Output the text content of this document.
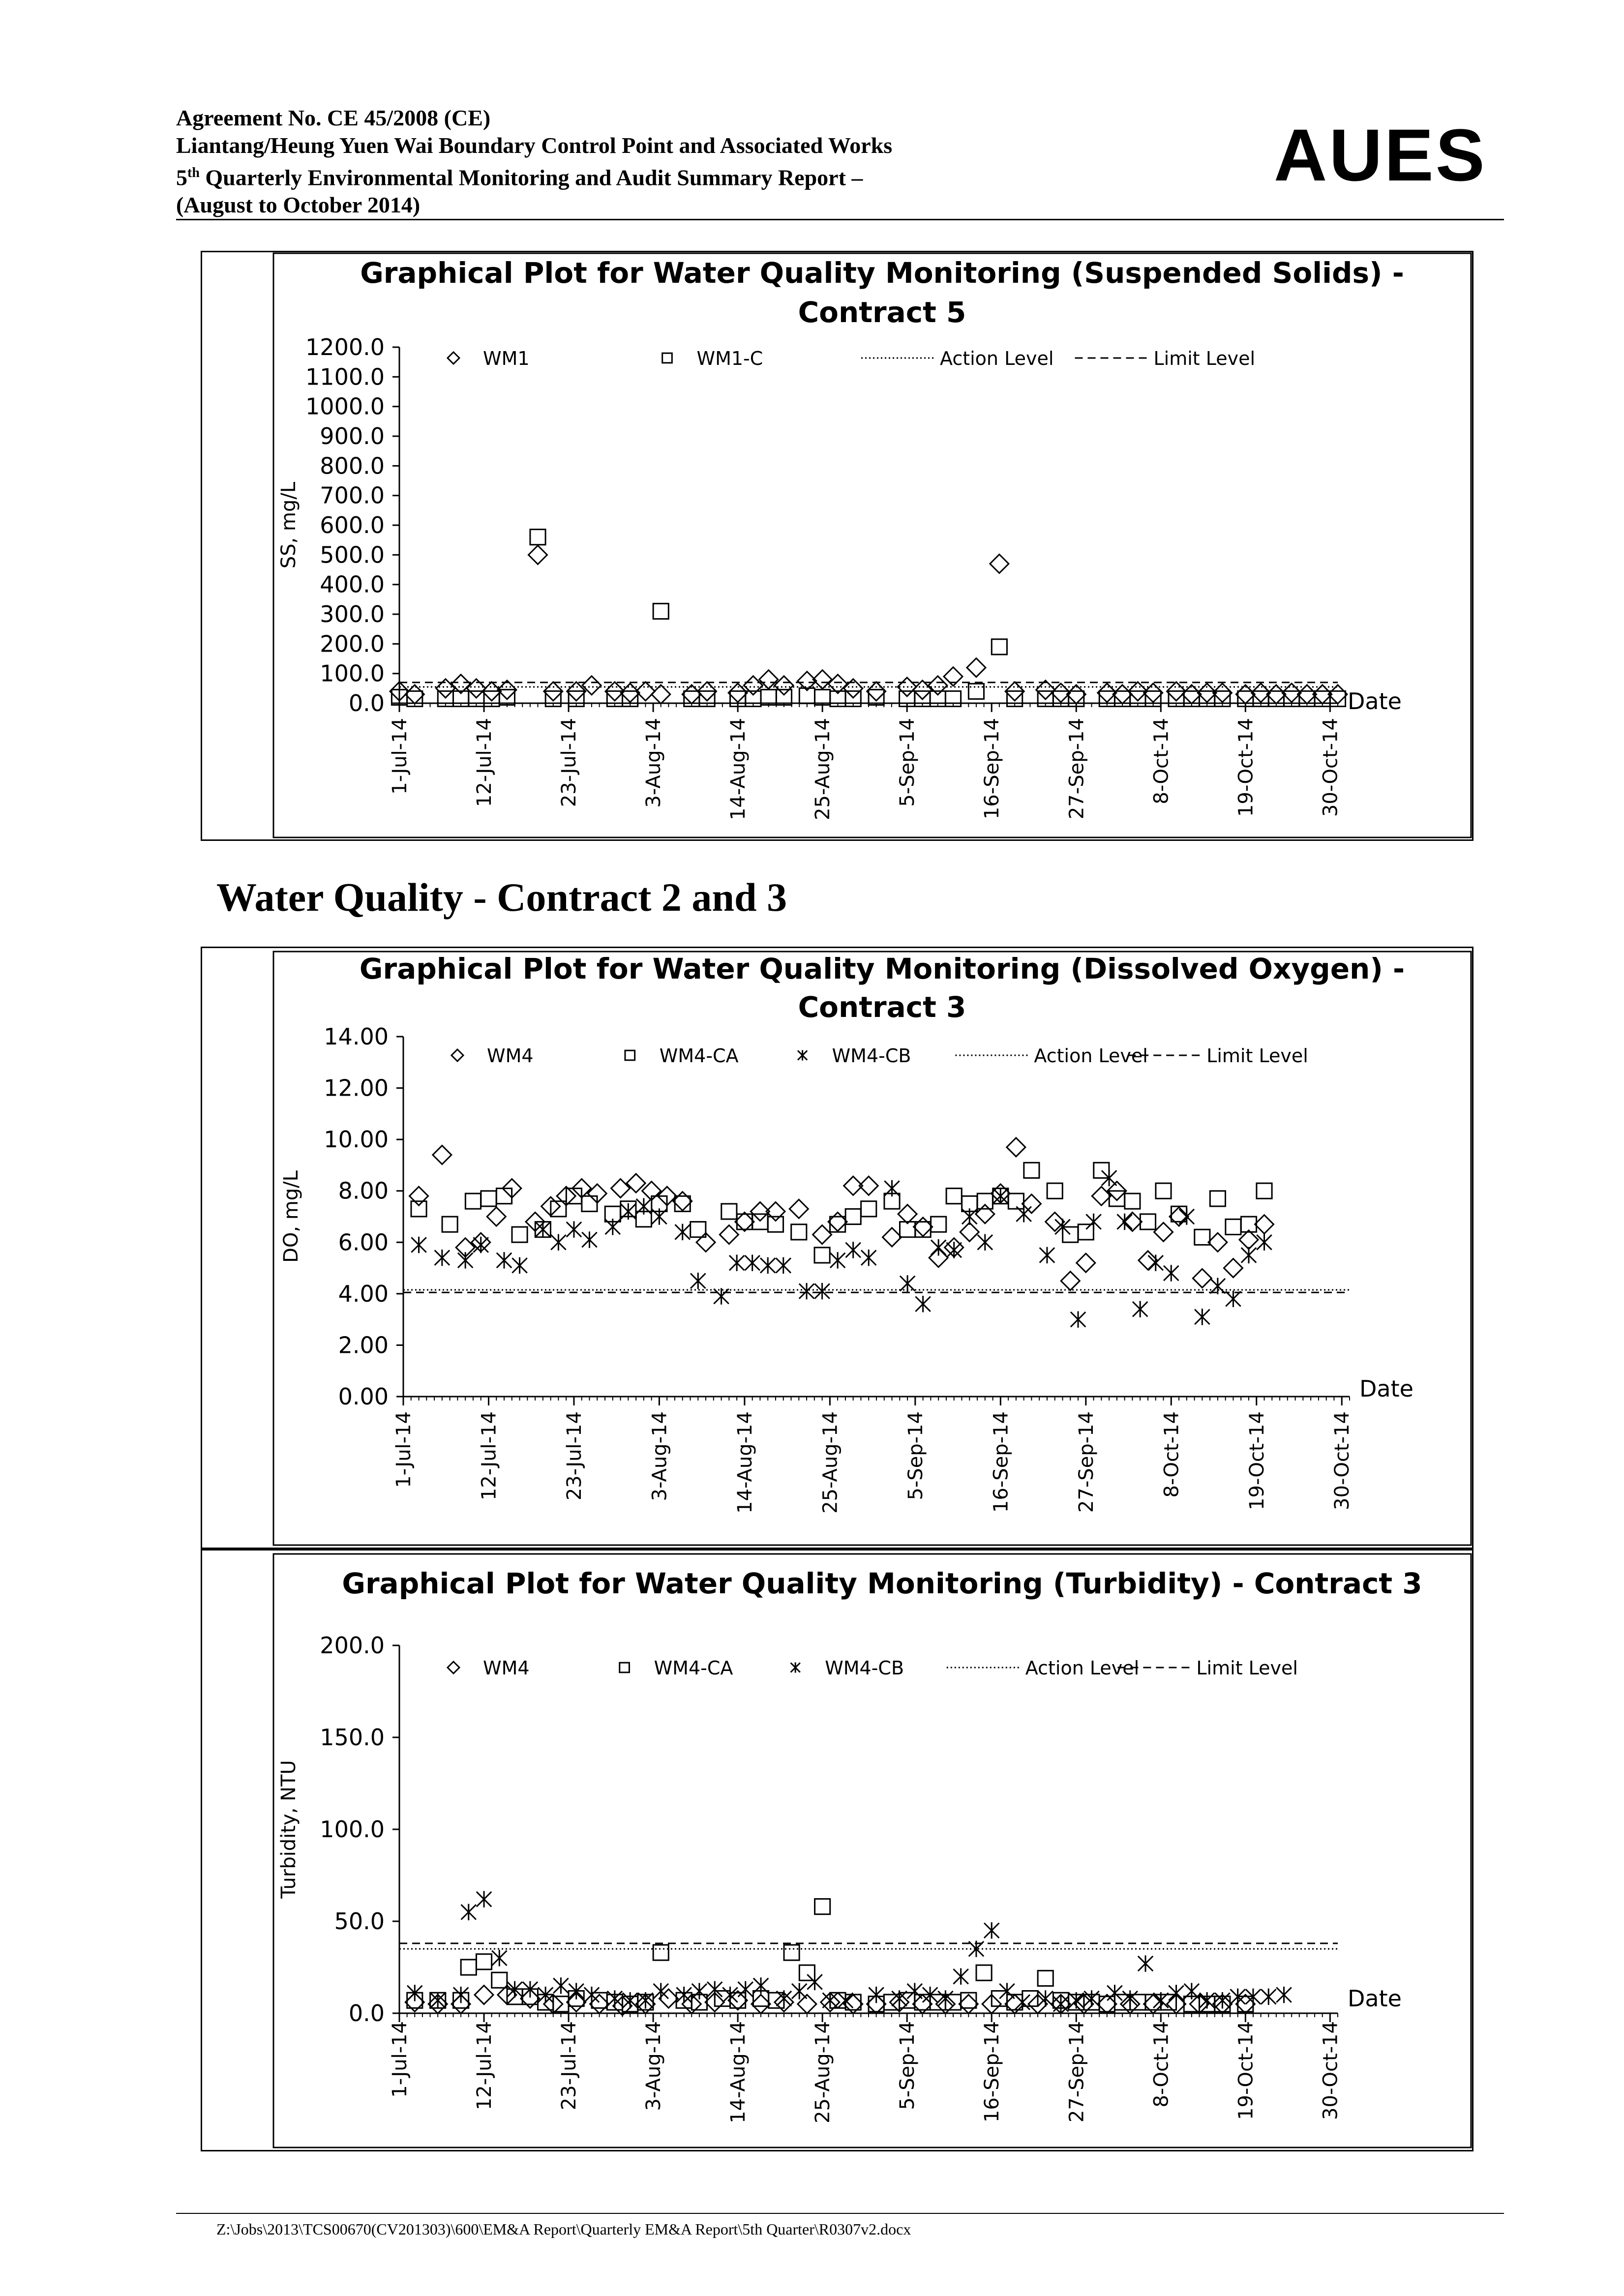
Agreement No. CE 45/2008 (CE)
Liantang/Heung Yuen Wai Boundary Control Point and Associated Works
5th Quarterly Environmental Monitoring and Audit Summary Report –
(August to October 2014)
AUES
Water Quality - Contract 2 and 3
Graphical Plot for Water Quality Monitoring (Suspended Solids) -
Contract 5
0.0
100.0
200.0
300.0
400.0
500.0
600.0
700.0
800.0
900.0
1000.0
1100.0
1200.0
SS, mg/L
1-Jul-14	12-Jul-14	23-Jul-14	3-Aug-14	14-Aug-14	25-Aug-14	5-Sep-14	16-Sep-14	27-Sep-14	8-Oct-14	19-Oct-14	30-Oct-14
Date
WM1	WM1-C	Action Level	Limit Level
Graphical Plot for Water Quality Monitoring (Dissolved Oxygen) -
Contract 3
0.00
2.00
4.00
6.00
8.00
10.00
12.00
14.00
DO, mg/L
1-Jul-14	12-Jul-14	23-Jul-14	3-Aug-14	14-Aug-14	25-Aug-14	5-Sep-14	16-Sep-14	27-Sep-14	8-Oct-14	19-Oct-14	30-Oct-14
Date
WM4	WM4-CA	WM4-CB	Action Level	Limit Level
Graphical Plot for Water Quality Monitoring (Turbidity) - Contract 3
0.0
50.0
100.0
150.0
200.0
Turbidity, NTU
1-Jul-14	12-Jul-14	23-Jul-14	3-Aug-14	14-Aug-14	25-Aug-14	5-Sep-14	16-Sep-14	27-Sep-14	8-Oct-14	19-Oct-14	30-Oct-14
Date
WM4	WM4-CA	WM4-CB	Action Level	Limit Level
Z:\Jobs\2013\TCS00670(CV201303)\600\EM&A Report\Quarterly EM&A Report\5th Quarter\R0307v2.docx
